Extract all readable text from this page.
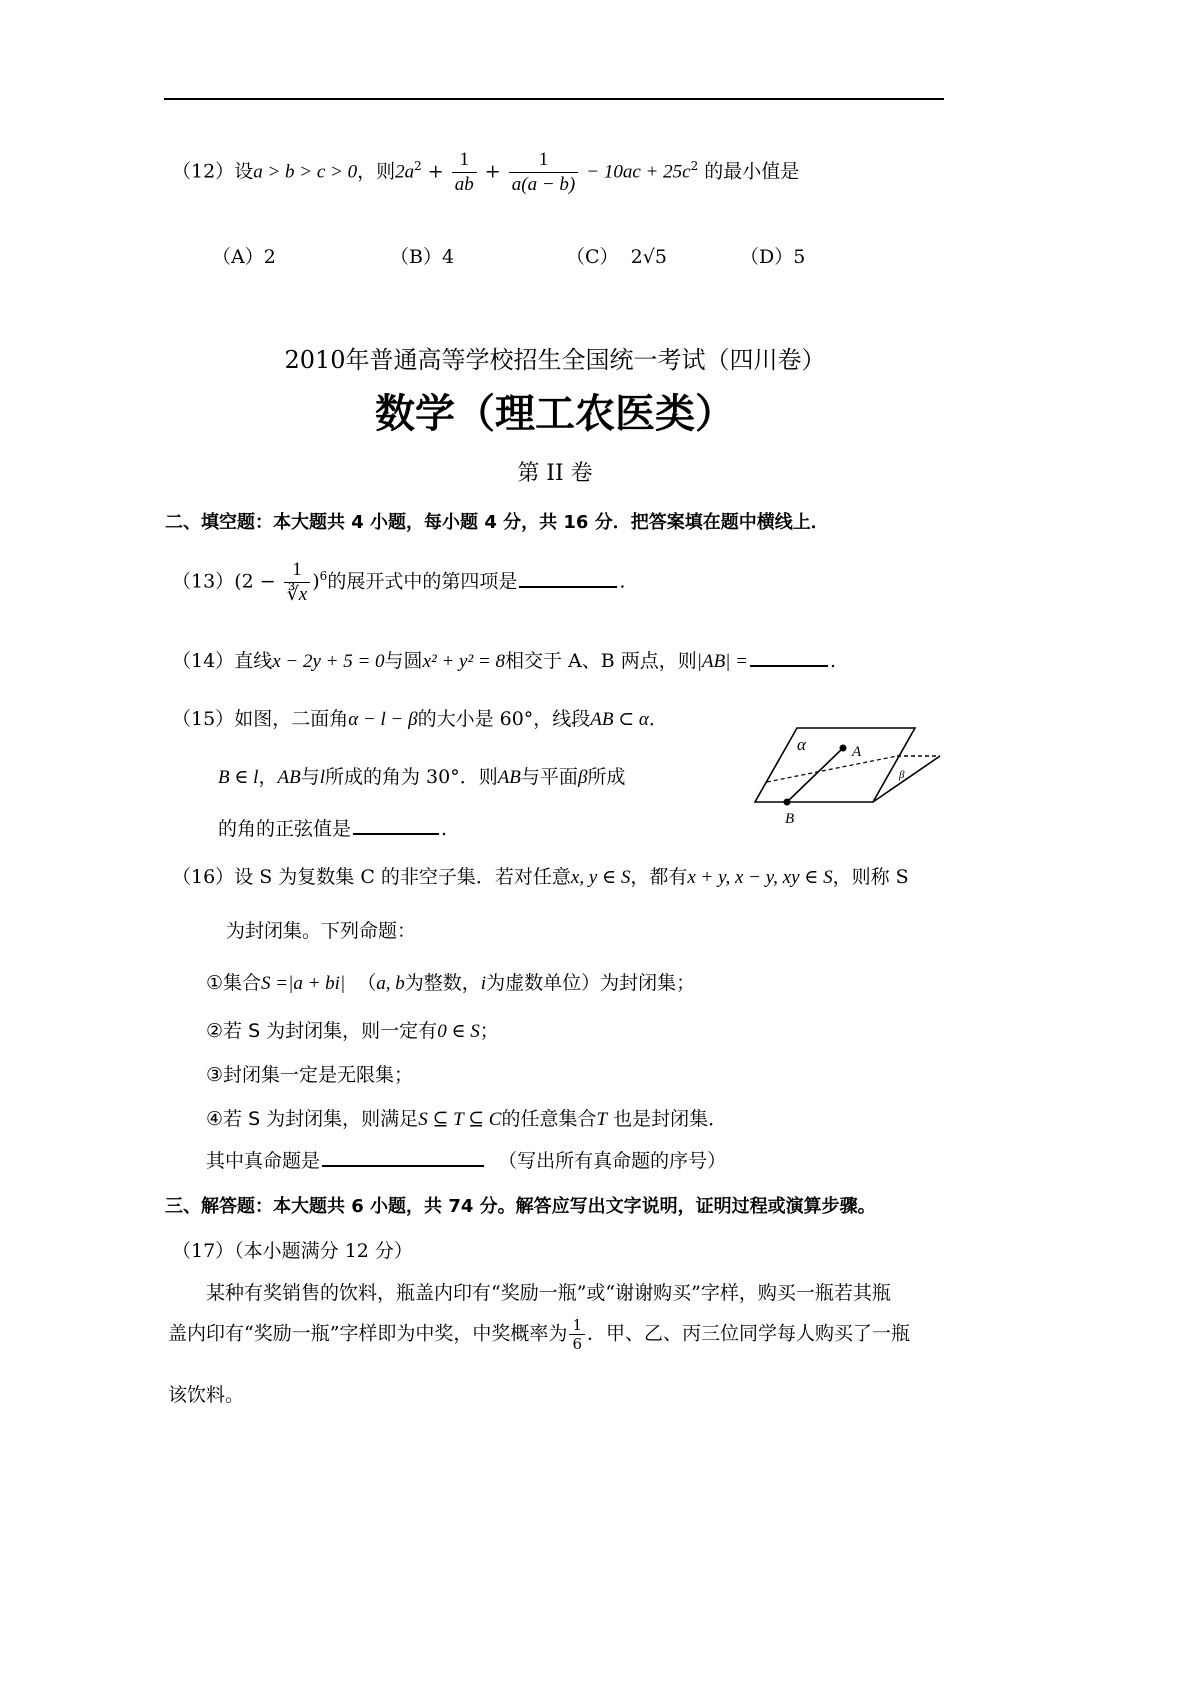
（12）设a > b > c > 0，则$2a^2 + \frac{1}{ab} + \frac{1}{a(a - b)} - 10ac + 25c^2$ 的最小值是
（A）2	（B）4	（C） 2√5	（D）5
2010年普通高等学校招生全国统一考试（四川卷）
数学（理工农医类）
第 II 卷
二、填空题：本大题共 4 小题，每小题 4 分，共 16 分．把答案填在题中横线上．
$(13)(2 - \frac{1}{∛x} )^6$的展开式中的第四项是	.
（14）直线x − 2y + 5 = 0与圆x² + y² = 8相交于 A、B 两点，则|AB| =	.
（15）如图，二面角α − l − β的大小是 60°，线段AB ⊂ α．
B ∈ l，AB与l所成的角为 30°．则AB与平面β所成
的角的正弦值是	.
α
β
A
B
（16）设 S 为复数集 C 的非空子集．若对任意x, y ∈ S，都有x + y, x − y, xy ∈ S，则称 S
为封闭集。下列命题：
①集合S =|a + bi| （a, b为整数，i为虚数单位）为封闭集；
②若 S 为封闭集，则一定有0 ∈ S；
③封闭集一定是无限集；
④若 S 为封闭集，则满足S ⊆ T ⊆ C的任意集合T 也是封闭集．
其中真命题是	（写出所有真命题的序号）
三、解答题：本大题共 6 小题，共 74 分。解答应写出文字说明，证明过程或演算步骤。
（17）（本小题满分 12 分）
某种有奖销售的饮料，瓶盖内印有“奖励一瓶”或“谢谢购买”字样，购买一瓶若其瓶
盖内印有“奖励一瓶”字样即为中奖，中奖概率为 $\frac{1}{6}$ ．甲、乙、丙三位同学每人购买了一瓶
该饮料。
